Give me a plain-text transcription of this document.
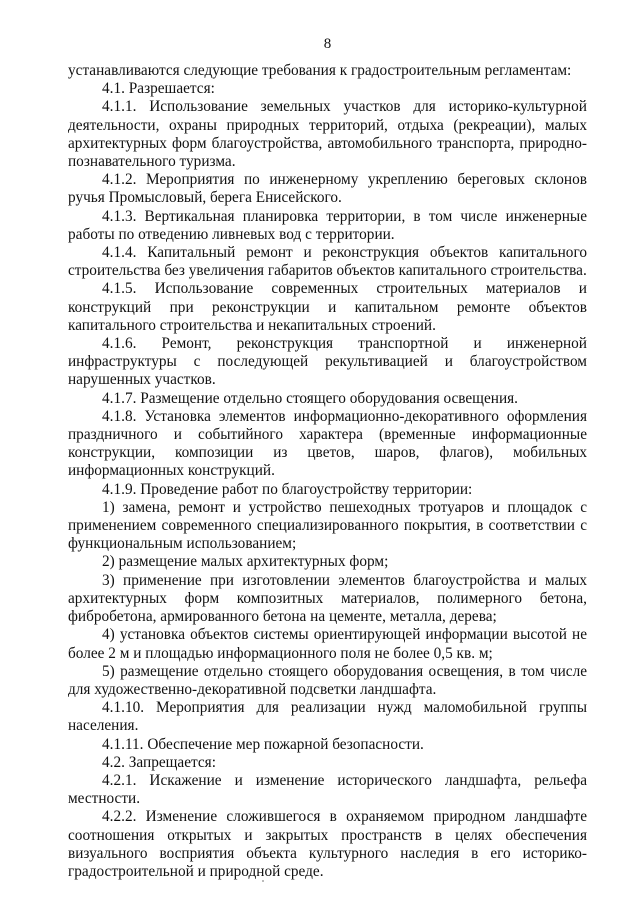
8

устанавливаются следующие требования к градостроительным регламентам:

4.1. Разрешается:

4.1.1. Использование земельных участков для историко-культурной деятельности, охраны природных территорий, отдыха (рекреации), малых архитектурных форм благоустройства, автомобильного транспорта, природно-познавательного туризма.

4.1.2. Мероприятия по инженерному укреплению береговых склонов ручья Промысловый, берега Енисейского.

4.1.3. Вертикальная планировка территории, в том числе инженерные работы по отведению ливневых вод с территории.

4.1.4. Капитальный ремонт и реконструкция объектов капитального строительства без увеличения габаритов объектов капитального строительства.

4.1.5. Использование современных строительных материалов и конструкций при реконструкции и капитальном ремонте объектов капитального строительства и некапитальных строений.

4.1.6. Ремонт, реконструкция транспортной и инженерной инфраструктуры с последующей рекультивацией и благоустройством нарушенных участков.

4.1.7. Размещение отдельно стоящего оборудования освещения.

4.1.8. Установка элементов информационно-декоративного оформления праздничного и событийного характера (временные информационные конструкции, композиции из цветов, шаров, флагов), мобильных информационных конструкций.

4.1.9. Проведение работ по благоустройству территории:

1) замена, ремонт и устройство пешеходных тротуаров и площадок с применением современного специализированного покрытия, в соответствии с функциональным использованием;

2) размещение малых архитектурных форм;

3) применение при изготовлении элементов благоустройства и малых архитектурных форм композитных материалов, полимерного бетона, фибробетона, армированного бетона на цементе, металла, дерева;

4) установка объектов системы ориентирующей информации высотой не более 2 м и площадью информационного поля не более 0,5 кв. м;

5) размещение отдельно стоящего оборудования освещения, в том числе для художественно-декоративной подсветки ландшафта.

4.1.10. Мероприятия для реализации нужд маломобильной группы населения.

4.1.11. Обеспечение мер пожарной безопасности.

4.2. Запрещается:

4.2.1. Искажение и изменение исторического ландшафта, рельефа местности.

4.2.2. Изменение сложившегося в охраняемом природном ландшафте соотношения открытых и закрытых пространств в целях обеспечения визуального восприятия объекта культурного наследия в его историко-градостроительной и природной среде.
